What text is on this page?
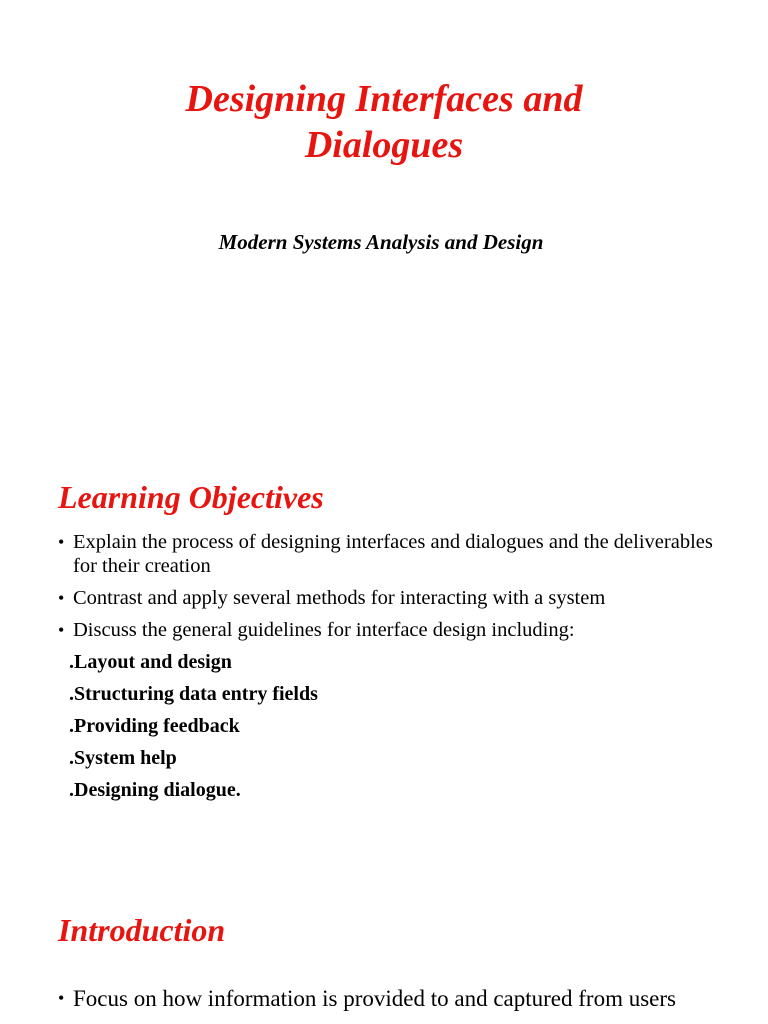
Designing Interfaces and
Dialogues
Modern Systems Analysis and Design
Learning Objectives
• Explain the process of designing interfaces and dialogues and the deliverables for their creation
• Contrast and apply several methods for interacting with a system
• Discuss the general guidelines for interface design including:
.Layout and design
.Structuring data entry fields
.Providing feedback
.System help
.Designing dialogue.
Introduction
• Focus on how information is provided to and captured from users
